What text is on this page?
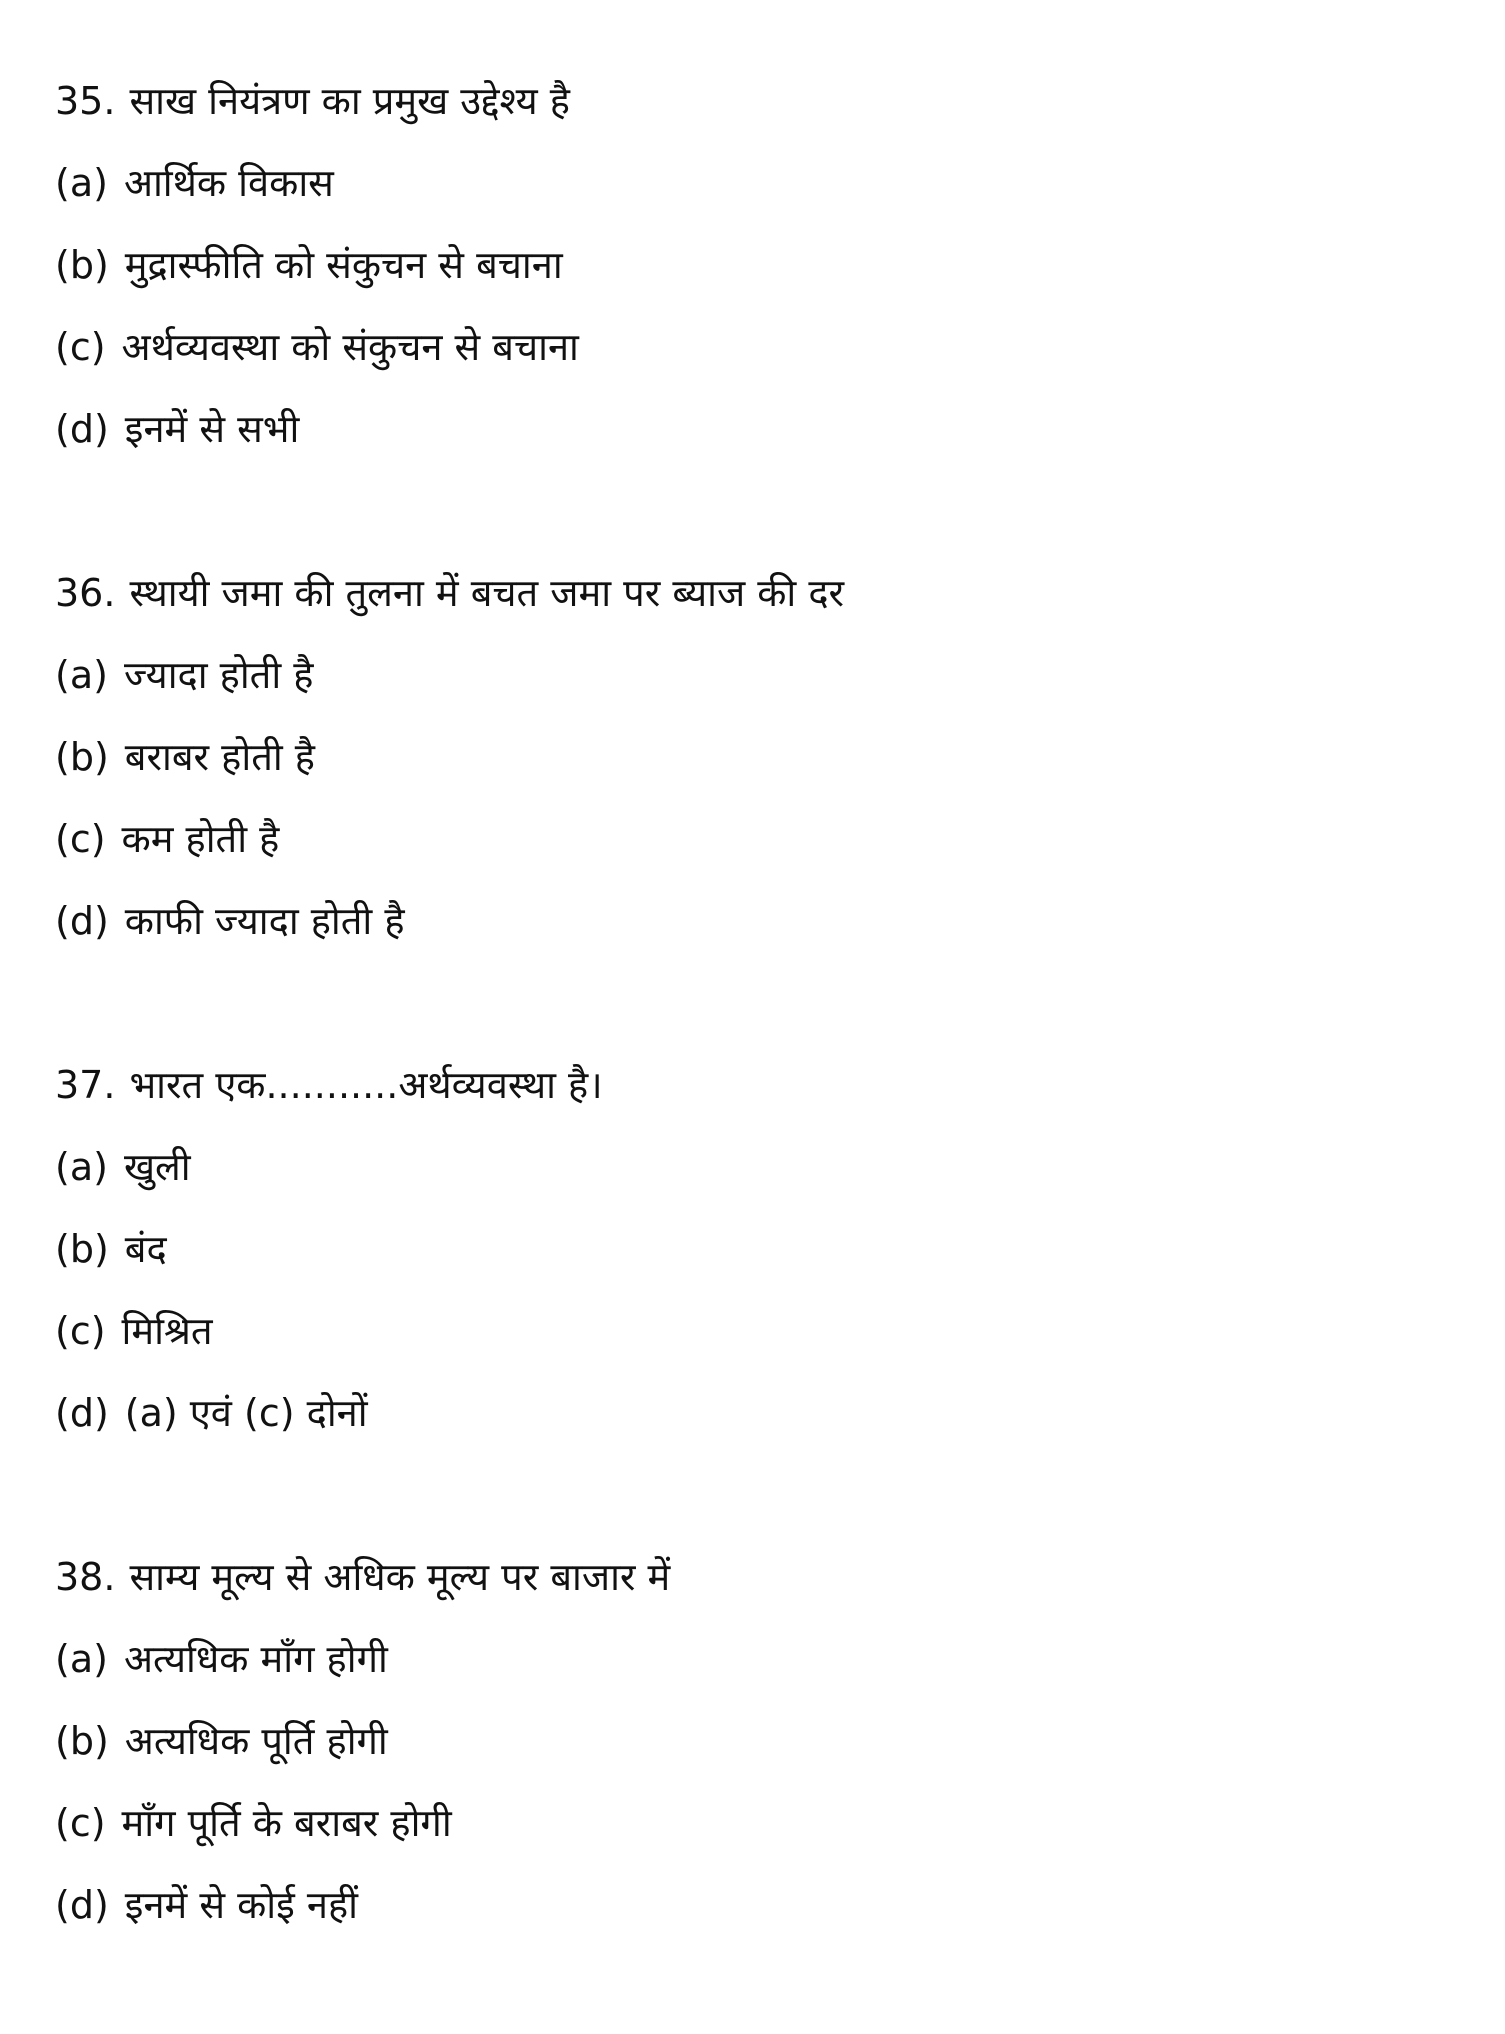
35. साख नियंत्रण का प्रमुख उद्देश्य है
(a) आर्थिक विकास
(b) मुद्रास्फीति को संकुचन से बचाना
(c) अर्थव्यवस्था को संकुचन से बचाना
(d) इनमें से सभी
36. स्थायी जमा की तुलना में बचत जमा पर ब्याज की दर
(a) ज्यादा होती है
(b) बराबर होती है
(c) कम होती है
(d) काफी ज्यादा होती है
37. भारत एक...........अर्थव्यवस्था है।
(a) खुली
(b) बंद
(c) मिश्रित
(d) (a) एवं (c) दोनों
38. साम्य मूल्य से अधिक मूल्य पर बाजार में
(a) अत्यधिक माँग होगी
(b) अत्यधिक पूर्ति होगी
(c) माँग पूर्ति के बराबर होगी
(d) इनमें से कोई नहीं
